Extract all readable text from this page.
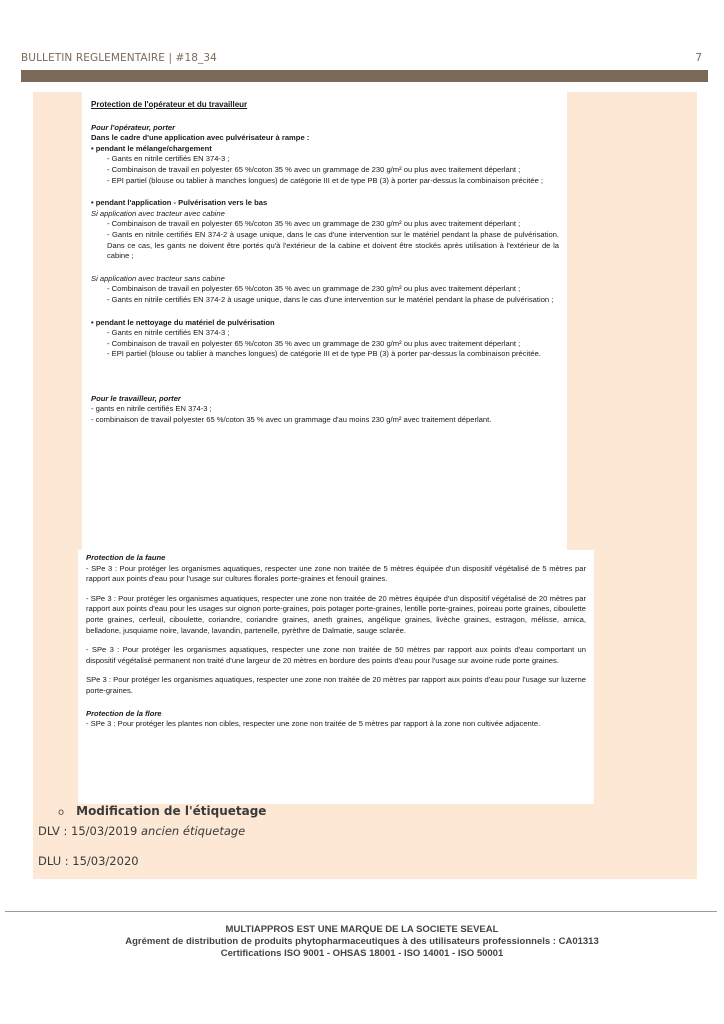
BULLETIN REGLEMENTAIRE | #18_34	7

Protection de l'opérateur et du travailleur

Pour l'opérateur, porter

Dans le cadre d'une application avec pulvérisateur à rampe :

• pendant le mélange/chargement

- Gants en nitrile certifiés EN 374-3 ;

- Combinaison de travail en polyester 65 %/coton 35 % avec un grammage de 230 g/m² ou plus avec traitement déperlant ;

- EPI partiel (blouse ou tablier à manches longues) de catégorie III et de type PB (3) à porter par-dessus la combinaison précitée ;

• pendant l'application - Pulvérisation vers le bas

Si application avec tracteur avec cabine

- Combinaison de travail en polyester 65 %/coton 35 % avec un grammage de 230 g/m² ou plus avec traitement déperlant ;

- Gants en nitrile certifiés EN 374-2 à usage unique, dans le cas d'une intervention sur le matériel pendant la phase de pulvérisation. Dans ce cas, les gants ne doivent être portés qu'à l'extérieur de la cabine et doivent être stockés après utilisation à l'extérieur de la cabine ;

Si application avec tracteur sans cabine

- Combinaison de travail en polyester 65 %/coton 35 % avec un grammage de 230 g/m² ou plus avec traitement déperlant ;

- Gants en nitrile certifiés EN 374-2 à usage unique, dans le cas d'une intervention sur le matériel pendant la phase de pulvérisation ;

• pendant le nettoyage du matériel de pulvérisation

- Gants en nitrile certifiés EN 374-3 ;

- Combinaison de travail en polyester 65 %/coton 35 % avec un grammage de 230 g/m² ou plus avec traitement déperlant ;

- EPI partiel (blouse ou tablier à manches longues) de catégorie III et de type PB (3) à porter par-dessus la combinaison précitée.

Pour le travailleur, porter

- gants en nitrile certifiés EN 374-3 ;

- combinaison de travail polyester 65 %/coton 35 % avec un grammage d'au moins 230 g/m² avec traitement déperlant.

Protection de la faune

- SPe 3 : Pour protéger les organismes aquatiques, respecter une zone non traitée de 5 mètres équipée d'un dispositif végétalisé de 5 mètres par rapport aux points d'eau pour l'usage sur cultures florales porte-graines et fenouil graines.

- SPe 3 : Pour protéger les organismes aquatiques, respecter une zone non traitée de 20 mètres équipée d'un dispositif végétalisé de 20 mètres par rapport aux points d'eau pour les usages sur oignon porte-graines, pois potager porte-graines, lentille porte-graines, poireau porte graines, ciboulette porte graines, cerfeuil, ciboulette, coriandre, coriandre graines, aneth graines, angélique graines, livèche graines, estragon, mélisse, arnica, belladone, jusquiame noire, lavande, lavandin, partenelle, pyrèthre de Dalmatie, sauge sclarée.

- SPe 3 : Pour protéger les organismes aquatiques, respecter une zone non traitée de 50 mètres par rapport aux points d'eau comportant un dispositif végétalisé permanent non traité d'une largeur de 20 mètres en bordure des points d'eau pour l'usage sur avoine rude porte graines.

SPe 3 : Pour protéger les organismes aquatiques, respecter une zone non traitée de 20 mètres par rapport aux points d'eau pour l'usage sur luzerne porte-graines.

Protection de la flore

- SPe 3 : Pour protéger les plantes non cibles, respecter une zone non traitée de 5 mètres par rapport à la zone non cultivée adjacente.

o Modification de l'étiquetage
DLV : 15/03/2019 ancien étiquetage
DLU : 15/03/2020
MULTIAPPROS EST UNE MARQUE DE LA SOCIETE SEVEAL
Agrément de distribution de produits phytopharmaceutiques à des utilisateurs professionnels : CA01313
Certifications ISO 9001 - OHSAS 18001 - ISO 14001 - ISO 50001
